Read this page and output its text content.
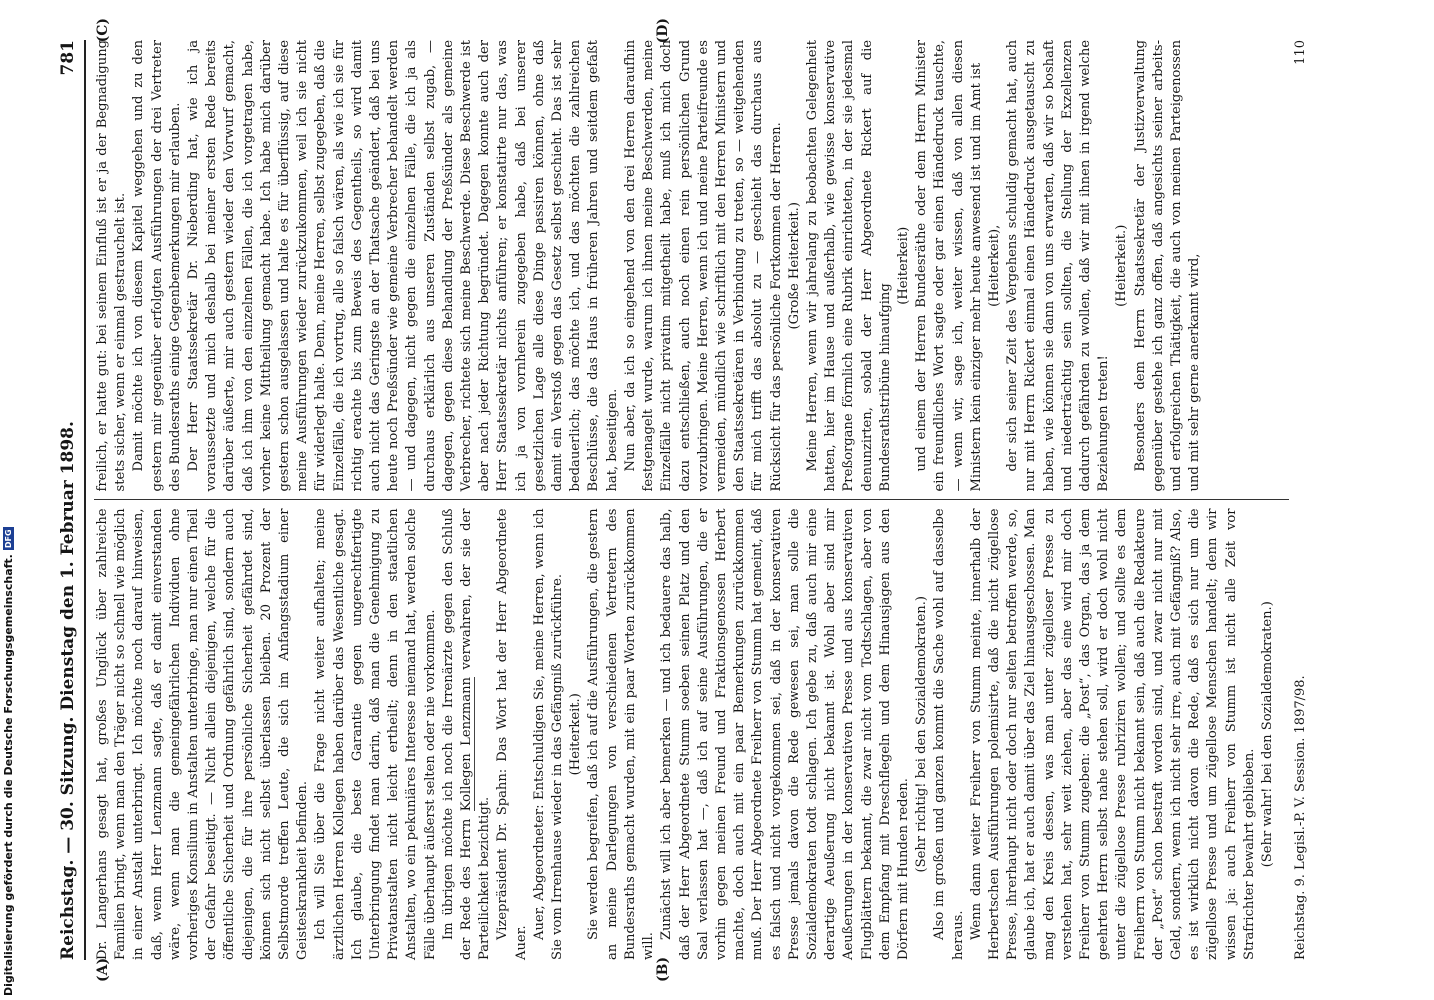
Reichstag. — 30. Sitzung. Dienstag den 1. Februar 1898.
781
(A)	(B)

Dr. Langerhans gesagt hat, großes Unglück über zahlreiche Familien bringt, wenn man den Träger nicht so schnell wie möglich in einer Anstalt unterbringt. Ich möchte noch darauf hinweisen, daß, wenn Herr Lenzmann sagte, daß er damit einverstanden wäre, wenn man die gemeingefährlichen Individuen ohne vorheriges Konsilium in Anstalten unterbringe, man nur einen Theil der Gefahr beseitigt. — Nicht allein diejenigen, welche für die öffentliche Sicherheit und Ordnung gefährlich sind, sondern auch diejenigen, die für ihre persönliche Sicherheit gefährdet sind, können sich nicht selbst überlassen bleiben. 20 Prozent der Selbstmorde treffen Leute, die sich im Anfangsstadium einer Geisteskrankheit befinden. Ich will Sie über die Frage nicht weiter aufhalten; meine ärztlichen Herren Kollegen haben darüber das Wesentliche gesagt. Ich glaube, die beste Garantie gegen ungerechtfertigte Unterbringung findet man darin, daß man die Genehmigung zu Privatanstalten nicht leicht ertheilt; denn in den staatlichen Anstalten, wo ein pekuniäres Interesse niemand hat, werden solche Fälle überhaupt äußerst selten oder nie vorkommen. Im übrigen möchte ich noch die Irrenärzte gegen den Schluß der Rede des Herrn Kollegen Lenzmann verwahren, der sie der Parteilichkeit bezichtigt. Vizepräsident Dr. Spahn: Das Wort hat der Herr Abgeordnete Auer.

Auer, Abgeordneter: Entschuldigen Sie, meine Herren, wenn ich Sie vom Irrenhause wieder in das Gefängniß zurückführe. (Heiterkeit.) Sie werden begreifen, daß ich auf die Ausführungen, die gestern an meine Darlegungen von verschiedenen Vertretern des Bundesraths gemacht wurden, mit ein paar Worten zurückkommen will.

Zunächst will ich aber bemerken — und ich bedauere das halb, daß der Herr Abgeordnete Stumm soeben seinen Platz und den Saal verlassen hat —, daß ich auf seine Ausführungen, die er vorhin gegen meinen Freund und Fraktionsgenossen Herbert machte, doch auch mit ein paar Bemerkungen zurückkommen muß. Der Herr Abgeordnete Freiherr von Stumm hat gemeint, daß es falsch und nicht vorgekommen sei, daß in der konservativen Presse jemals davon die Rede gewesen sei, man solle die Sozialdemokraten todt schlagen. Ich gebe zu, daß auch mir eine derartige Aeußerung nicht bekannt ist. Wohl aber sind mir Aeußerungen in der konservativen Presse und aus konservativen Flugblättern bekannt, die zwar nicht vom Todtschlagen, aber von dem Empfang mit Dreschflegeln und dem Hinausjagen aus den Dörfern mit Hunden reden. (Sehr richtig! bei den Sozialdemokraten.) Also im großen und ganzen kommt die Sache wohl auf dasselbe heraus. Wenn dann weiter Freiherr von Stumm meinte, innerhalb der Herbertschen Ausführungen polemisirte, daß die nicht zügellose Presse, ihrerhaupt nicht oder doch nur selten betroffen werde, so, glaube ich, hat er auch damit über das Ziel hinausgeschossen. Man mag den Kreis dessen, was man unter zügelloser Presse zu verstehen hat, sehr weit ziehen, aber das eine wird mir doch Freiherr von Stumm zugeben: die „Post“, das Organ, das ja dem geehrten Herrn selbst nahe stehen soll, wird er doch wohl nicht unter die zügellose Presse rubriziren wollen; und sollte es dem Freiherrn von Stumm nicht bekannt sein, daß auch die Redakteure der „Post“ schon bestraft worden sind, und zwar nicht nur mit Geld, sondern, wenn ich nicht sehr irre, auch mit Gefängniß? Also, es ist wirklich nicht davon die Rede, daß es sich nur um die zügellose Presse und um zügellose Menschen handelt; denn wir wissen ja: auch Freiherr von Stumm ist nicht alle Zeit vor Strafrichter bewahrt geblieben. (Sehr wahr! bei den Sozialdemokraten.)

(C)	(D)

freilich, er hatte gut: bei seinem Einfluß ist er ja der Begnadigung stets sicher, wenn er einmal gestrauchelt ist. Damit möchte ich von diesem Kapitel weggehen und zu den gestern mir gegenüber erfolgten Ausführungen der drei Vertreter des Bundesraths einige Gegenbemerkungen mir erlauben. Der Herr Staatssekretär Dr. Nieberding hat, wie ich ja voraussetzte und mich deshalb bei meiner ersten Rede bereits darüber äußerte, mir auch gestern wieder den Vorwurf gemacht, daß ich ihm von den einzelnen Fällen, die ich vorgetragen habe, vorher keine Mittheilung gemacht habe. Ich habe mich darüber gestern schon ausgelassen und halte es für überflüssig, auf diese meine Ausführungen wieder zurückzukommen, weil ich sie nicht für widerlegt halte. Denn, meine Herren, selbst zugegeben, daß die Einzelfälle, die ich vortrug, alle so falsch wären, als wie ich sie für richtig erachte bis zum Beweis des Gegentheils, so wird damit auch nicht das Geringste an der Thatsache geändert, daß bei uns heute noch Preßsünder wie gemeine Verbrecher behandelt werden — und dagegen, nicht gegen die einzelnen Fälle, die ich ja als durchaus erklärlich aus unseren Zuständen selbst zugab, — dagegen, gegen diese Behandlung der Preßsünder als gemeine Verbrecher, richtete sich meine Beschwerde. Diese Beschwerde ist aber nach jeder Richtung begründet. Dagegen konnte auch der Herr Staatssekretär nichts anführen; er konstatirte nur das, was ich ja von vornherein zugegeben habe, daß bei unserer gesetzlichen Lage alle diese Dinge passiren können, ohne daß damit ein Verstoß gegen das Gesetz selbst geschieht. Das ist sehr bedauerlich; das möchte ich, und das möchten die zahlreichen Beschlüsse, die das Haus in früheren Jahren und seitdem gefaßt hat, beseitigen. Nun aber, da ich so eingehend von den drei Herren daraufhin festgenagelt wurde, warum ich ihnen meine Beschwerden, meine Einzelfälle nicht privatim mitgetheilt habe, muß ich mich doch dazu entschließen, auch noch einen rein persönlichen Grund vorzubringen. Meine Herren, wenn ich und meine Parteifreunde es vermeiden, mündlich wie schriftlich mit den Herren Ministern und den Staatssekretären in Verbindung zu treten, so — weitgehenden für mich trifft das absolut zu — geschieht das durchaus aus Rücksicht für das persönliche Fortkommen der Herren. (Große Heiterkeit.) Meine Herren, wenn wir jahrelang zu beobachten Gelegenheit hatten, hier im Hause und außerhalb, wie gewisse konservative Preßorgane förmlich eine Rubrik einrichteten, in der sie jedesmal denunzirten, sobald der Herr Abgeordnete Rickert auf die Bundesrathstribüne hinaufging

(Heiterkeit) und einem der Herren Bundesräthe oder dem Herrn Minister ein freundliches Wort sagte oder gar einen Händedruck tauschte, — wenn wir, sage ich, weiter wissen, daß von allen diesen Ministern kein einziger mehr heute anwesend ist und im Amt ist (Heiterkeit), der sich seiner Zeit des Vergehens schuldig gemacht hat, auch nur mit Herrn Rickert einmal einen Händedruck ausgetauscht zu haben, wie können sie dann von uns erwarten, daß wir so boshaft und niederträchtig sein sollten, die Stellung der Exzellenzen dadurch gefährden zu wollen, daß wir mit ihnen in irgend welche Beziehungen treten!

(Heiterkeit.) Besonders dem Herrn Staatssekretär der Justizverwaltung gegenüber gestehe ich ganz offen, daß angesichts seiner arbeits- und erfolgreichen Thätigkeit, die auch von meinen Parteigenossen und mit sehr gerne anerkannt wird,

Reichstag. 9. Legisl.-P. V. Session. 1897/98.
110
Digitalisierung gefördert durch die Deutsche Forschungsgemeinschaft.
DFG
